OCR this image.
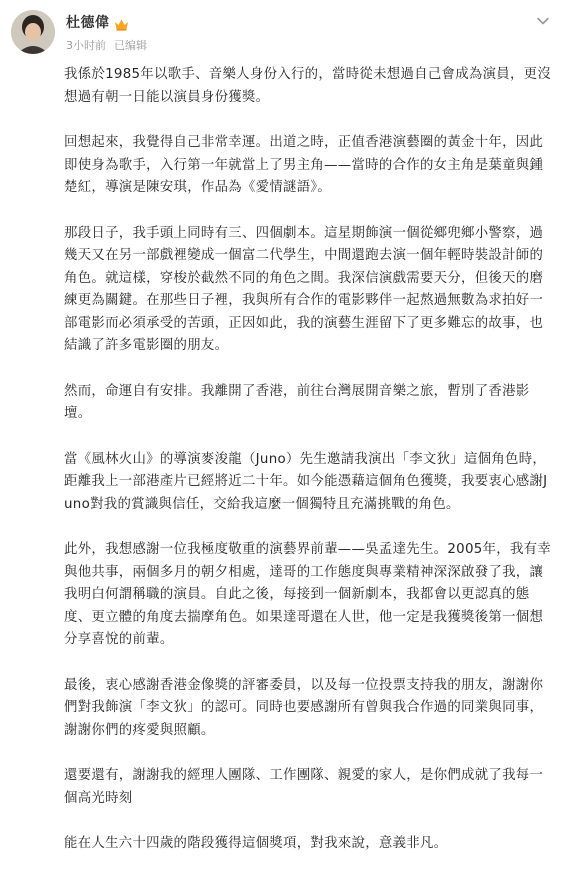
杜德偉
3小时前 已编辑

我係於1985年以歌手、音樂人身份入行的，當時從未想過自己會成為演員，更沒想過有朝一日能以演員身份獲獎。

回想起來，我覺得自己非常幸運。出道之時，正值香港演藝圈的黃金十年，因此即使身為歌手，入行第一年就當上了男主角——當時的合作的女主角是葉童與鍾楚紅，導演是陳安琪，作品為《愛情謎語》。

那段日子，我手頭上同時有三、四個劇本。這星期飾演一個從鄉兜鄉小警察，過幾天又在另一部戲裡變成一個富二代學生，中間還跑去演一個年輕時裝設計師的角色。就這樣，穿梭於截然不同的角色之間。我深信演戲需要天分，但後天的磨練更為關鍵。在那些日子裡，我與所有合作的電影夥伴一起熬過無數為求拍好一部電影而必須承受的苦頭，正因如此，我的演藝生涯留下了更多難忘的故事，也結識了許多電影圈的朋友。

然而，命運自有安排。我離開了香港，前往台灣展開音樂之旅，暫別了香港影壇。

當《風林火山》的導演麥浚龍（Juno）先生邀請我演出「李文狄」這個角色時，距離我上一部港產片已經將近二十年。如今能憑藉這個角色獲獎，我要衷心感謝Juno對我的賞識與信任，交給我這麼一個獨特且充滿挑戰的角色。

此外，我想感謝一位我極度敬重的演藝界前輩——吳孟達先生。2005年，我有幸與他共事，兩個多月的朝夕相處，達哥的工作態度與專業精神深深啟發了我，讓我明白何謂稱職的演員。自此之後，每接到一個新劇本，我都會以更認真的態度、更立體的角度去揣摩角色。如果達哥還在人世，他一定是我獲獎後第一個想分享喜悅的前輩。

最後，衷心感謝香港金像獎的評審委員，以及每一位投票支持我的朋友，謝謝你們對我飾演「李文狄」的認可。同時也要感謝所有曾與我合作過的同業與同事，謝謝你們的疼愛與照顧。

還要還有，謝謝我的經理人團隊、工作團隊、親愛的家人，是你們成就了我每一個高光時刻

能在人生六十四歲的階段獲得這個獎項，對我來說，意義非凡。
